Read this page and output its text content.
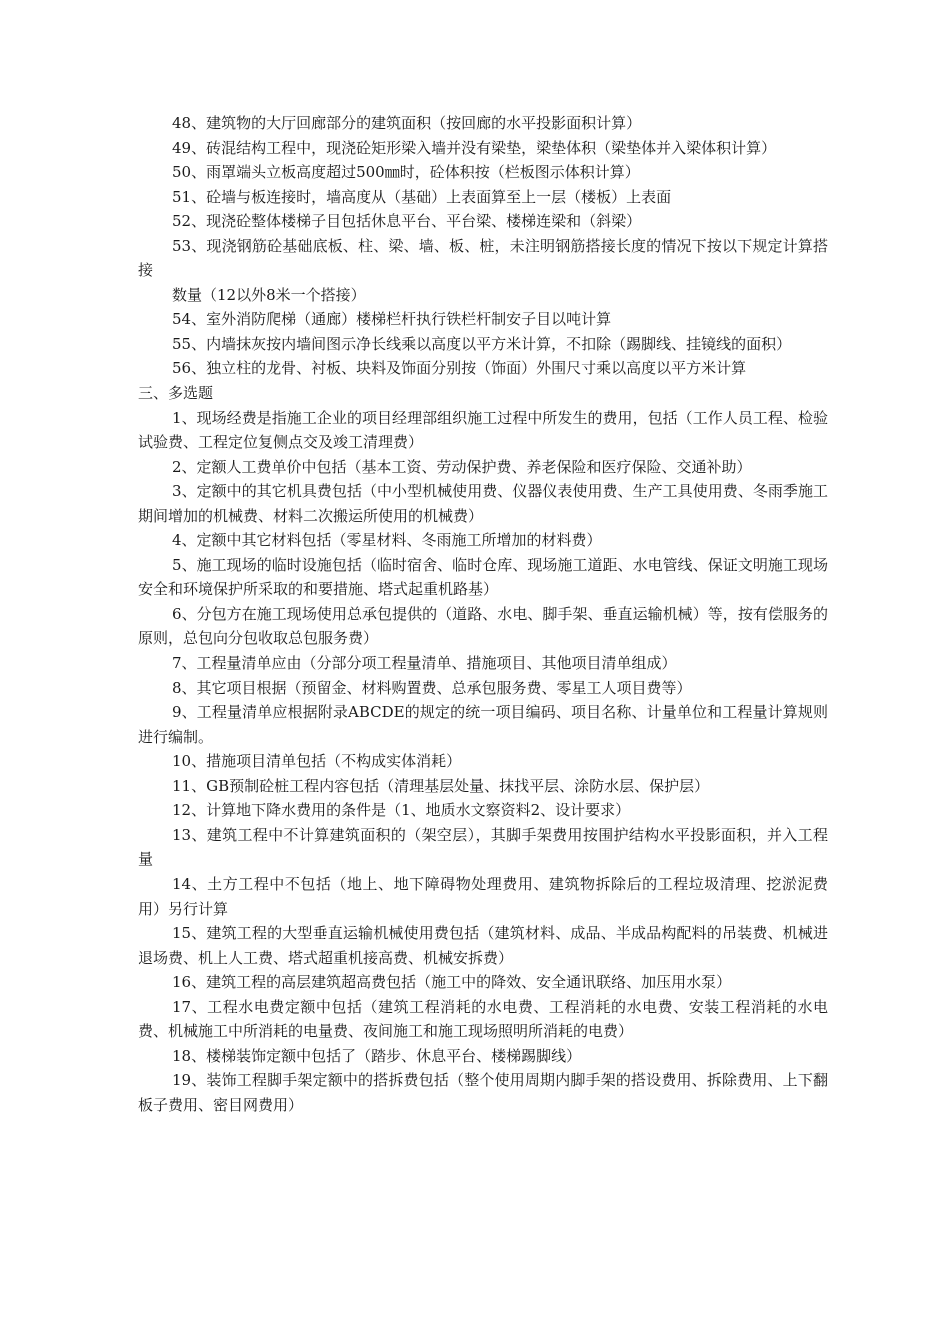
48、建筑物的大厅回廊部分的建筑面积（按回廊的水平投影面积计算）

49、砖混结构工程中，现浇砼矩形梁入墙并没有梁垫，梁垫体积（梁垫体并入梁体积计算）

50、雨罩端头立板高度超过500㎜时，砼体积按（栏板图示体积计算）

51、砼墙与板连接时，墙高度从（基础）上表面算至上一层（楼板）上表面

52、现浇砼整体楼梯子目包括休息平台、平台梁、楼梯连梁和（斜梁）

53、现浇钢筋砼基础底板、柱、梁、墙、板、桩，未注明钢筋搭接长度的情况下按以下规定计算搭接

数量（12以外8米一个搭接）

54、室外消防爬梯（通廊）楼梯栏杆执行铁栏杆制安子目以吨计算

55、内墙抹灰按内墙间图示净长线乘以高度以平方米计算，不扣除（踢脚线、挂镜线的面积）

56、独立柱的龙骨、衬板、块料及饰面分别按（饰面）外围尺寸乘以高度以平方米计算

三、多选题

1、现场经费是指施工企业的项目经理部组织施工过程中所发生的费用，包括（工作人员工程、检验试验费、工程定位复侧点交及竣工清理费）

2、定额人工费单价中包括（基本工资、劳动保护费、养老保险和医疗保险、交通补助）

3、定额中的其它机具费包括（中小型机械使用费、仪器仪表使用费、生产工具使用费、冬雨季施工期间增加的机械费、材料二次搬运所使用的机械费）

4、定额中其它材料包括（零星材料、冬雨施工所增加的材料费）

5、施工现场的临时设施包括（临时宿舍、临时仓库、现场施工道距、水电管线、保证文明施工现场安全和环境保护所采取的和要措施、塔式起重机路基）

6、分包方在施工现场使用总承包提供的（道路、水电、脚手架、垂直运输机械）等，按有偿服务的原则，总包向分包收取总包服务费）

7、工程量清单应由（分部分项工程量清单、措施项目、其他项目清单组成）

8、其它项目根据（预留金、材料购置费、总承包服务费、零星工人项目费等）

9、工程量清单应根据附录ABCDE的规定的统一项目编码、项目名称、计量单位和工程量计算规则进行编制。

10、措施项目清单包括（不构成实体消耗）

11、GB预制砼桩工程内容包括（清理基层处量、抹找平层、涂防水层、保护层）

12、计算地下降水费用的条件是（1、地质水文察资料2、设计要求）

13、建筑工程中不计算建筑面积的（架空层），其脚手架费用按围护结构水平投影面积，并入工程量

14、土方工程中不包括（地上、地下障碍物处理费用、建筑物拆除后的工程垃圾清理、挖淤泥费用）另行计算

15、建筑工程的大型垂直运输机械使用费包括（建筑材料、成品、半成品构配料的吊装费、机械进退场费、机上人工费、塔式超重机接高费、机械安拆费）

16、建筑工程的高层建筑超高费包括（施工中的降效、安全通讯联络、加压用水泵）

17、工程水电费定额中包括（建筑工程消耗的水电费、工程消耗的水电费、安装工程消耗的水电费、机械施工中所消耗的电量费、夜间施工和施工现场照明所消耗的电费）

18、楼梯装饰定额中包括了（踏步、休息平台、楼梯踢脚线）

19、装饰工程脚手架定额中的搭拆费包括（整个使用周期内脚手架的搭设费用、拆除费用、上下翻板子费用、密目网费用）
